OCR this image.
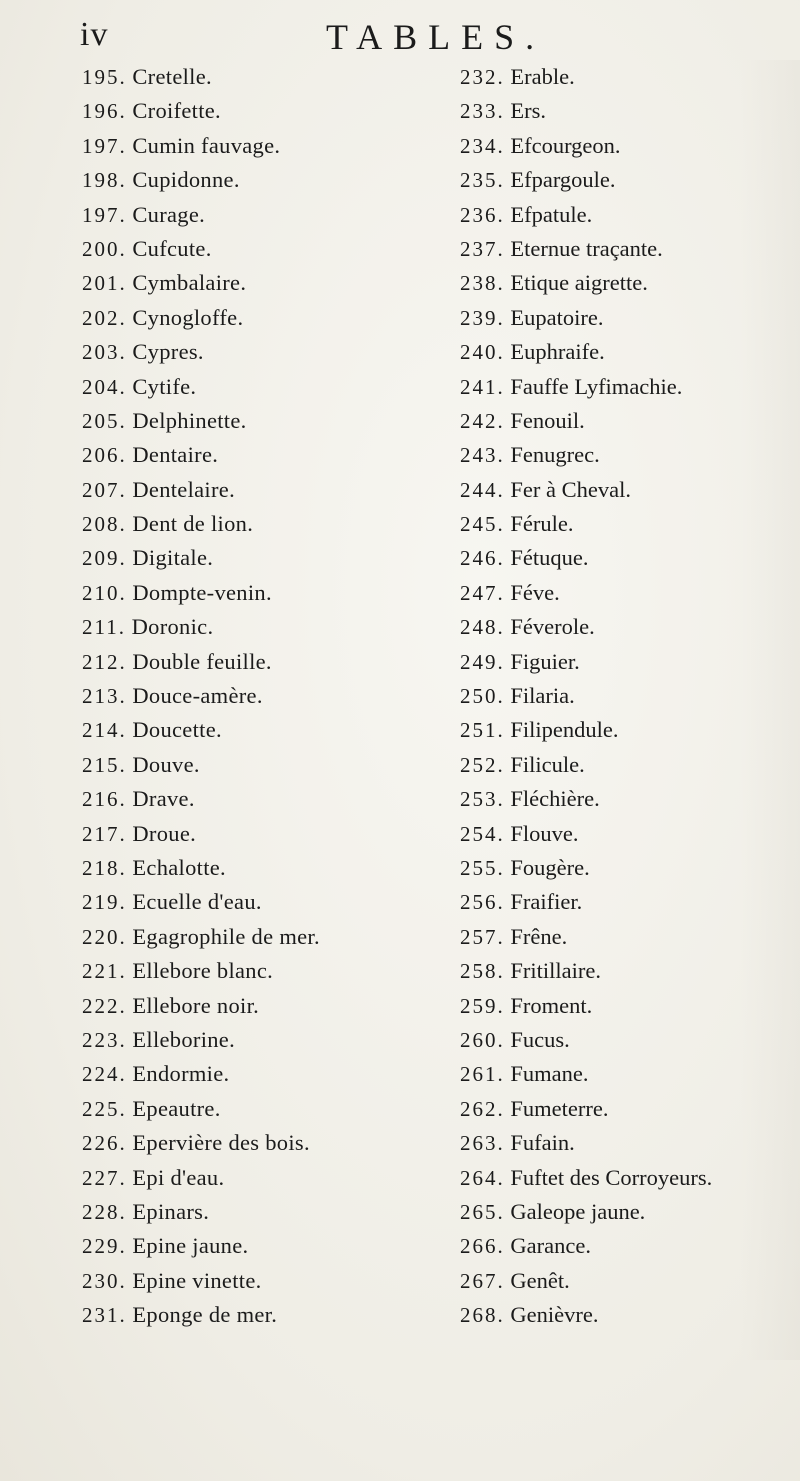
iv	TABLES.
195. Cretelle.
196. Croifette.
197. Cumin fauvage.
198. Cupidonne.
197. Curage.
200. Cufcute.
201. Cymbalaire.
202. Cynogloffe.
203. Cypres.
204. Cytife.
205. Delphinette.
206. Dentaire.
207. Dentelaire.
208. Dent de lion.
209. Digitale.
210. Dompte-venin.
211. Doronic.
212. Double feuille.
213. Douce-amère.
214. Doucette.
215. Douve.
216. Drave.
217. Droue.
218. Echalotte.
219. Ecuelle d'eau.
220. Egagrophile de mer.
221. Ellebore blanc.
222. Ellebore noir.
223. Elleborine.
224. Endormie.
225. Epeautre.
226. Epervière des bois.
227. Epi d'eau.
228. Epinars.
229. Epine jaune.
230. Epine vinette.
231. Eponge de mer.
232. Erable.
233. Ers.
234. Efcourgeon.
235. Efpargoule.
236. Efpatule.
237. Eternue traçante.
238. Etique aigrette.
239. Eupatoire.
240. Euphraife.
241. Fauffe Lyfimachie.
242. Fenouil.
243. Fenugrec.
244. Fer à Cheval.
245. Férule.
246. Fétuque.
247. Féve.
248. Féverole.
249. Figuier.
250. Filaria.
251. Filipendule.
252. Filicule.
253. Fléchière.
254. Flouve.
255. Fougère.
256. Fraifier.
257. Frêne.
258. Fritillaire.
259. Froment.
260. Fucus.
261. Fumane.
262. Fumeterre.
263. Fufain.
264. Fuftet des Corroyeurs.
265. Galeope jaune.
266. Garance.
267. Genêt.
268. Genièvre.
